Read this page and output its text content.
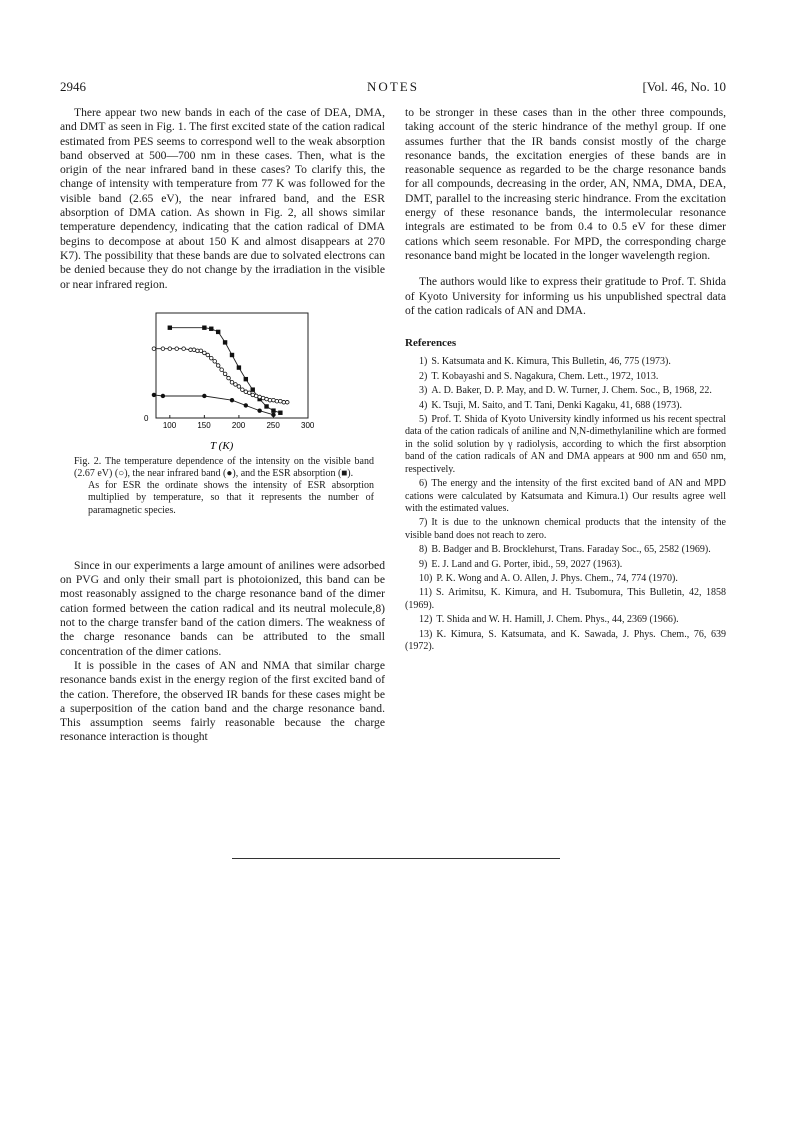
2946	NOTES	[Vol. 46, No. 10

There appear two new bands in each of the case of DEA, DMA, and DMT as seen in Fig. 1. The first excited state of the cation radical estimated from PES seems to correspond well to the weak absorption band observed at 500—700 nm in these cases. Then, what is the origin of the near infrared band in these cases? To clarify this, the change of intensity with temperature from 77 K was followed for the visible band (2.65 eV), the near infrared band, and the ESR absorption of DMA cation. As shown in Fig. 2, all shows similar temperature dependency, indicating that the cation radical of DMA begins to decompose at about 150 K and almost disappears at 270 K7). The possibility that these bands are due to solvated electrons can be denied because they do not change by the irradiation in the visible or near infrared region.

100	150	200	250	300
0
T (K)
Fig. 2. The temperature dependence of the intensity on the visible band (2.67 eV) (○), the near infrared band (●), and the ESR absorption (■).
As for ESR the ordinate shows the intensity of ESR absorption multiplied by temperature, so that it represents the number of paramagnetic species.

Since in our experiments a large amount of anilines were adsorbed on PVG and only their small part is photoionized, this band can be most reasonably assigned to the charge resonance band of the dimer cation formed between the cation radical and its neutral molecule,8) not to the charge transfer band of the cation dimers. The weakness of the charge resonance bands can be attributed to the small concentration of the dimer cations.

It is possible in the cases of AN and NMA that similar charge resonance bands exist in the energy region of the first excited band of the cation. Therefore, the observed IR bands for these cases might be a superposition of the cation band and the charge resonance band. This assumption seems fairly reasonable because the charge resonance interaction is thought

to be stronger in these cases than in the other three compounds, taking account of the steric hindrance of the methyl group. If one assumes further that the IR bands consist mostly of the charge resonance bands, the excitation energies of these bands are in reasonable sequence as regarded to be the charge resonance bands for all compounds, decreasing in the order, AN, NMA, DMA, DEA, DMT, parallel to the increasing steric hindrance. From the excitation energy of these resonance bands, the intermolecular resonance integrals are estimated to be from 0.4 to 0.5 eV for these dimer cations which seem resonable. For MPD, the corresponding charge resonance band might be located in the longer wavelength region.

The authors would like to express their gratitude to Prof. T. Shida of Kyoto University for informing us his unpublished spectral data of the cation radicals of AN and DMA.

References
1) S. Katsumata and K. Kimura, This Bulletin, 46, 775 (1973).
2) T. Kobayashi and S. Nagakura, Chem. Lett., 1972, 1013.
3) A. D. Baker, D. P. May, and D. W. Turner, J. Chem. Soc., B, 1968, 22.
4) K. Tsuji, M. Saito, and T. Tani, Denki Kagaku, 41, 688 (1973).
5) Prof. T. Shida of Kyoto University kindly informed us his recent spectral data of the cation radicals of aniline and N,N-dimethylaniline which are formed in the solid solution by γ radiolysis, according to which the first absorption band of the cation radicals of AN and DMA appears at 900 nm and 650 nm, respectively.
6) The energy and the intensity of the first excited band of AN and MPD cations were calculated by Katsumata and Kimura.1) Our results agree well with the estimated values.
7) It is due to the unknown chemical products that the intensity of the visible band does not reach to zero.
8) B. Badger and B. Brocklehurst, Trans. Faraday Soc., 65, 2582 (1969).
9) E. J. Land and G. Porter, ibid., 59, 2027 (1963).
10) P. K. Wong and A. O. Allen, J. Phys. Chem., 74, 774 (1970).
11) S. Arimitsu, K. Kimura, and H. Tsubomura, This Bulletin, 42, 1858 (1969).
12) T. Shida and W. H. Hamill, J. Chem. Phys., 44, 2369 (1966).
13) K. Kimura, S. Katsumata, and K. Sawada, J. Phys. Chem., 76, 639 (1972).
